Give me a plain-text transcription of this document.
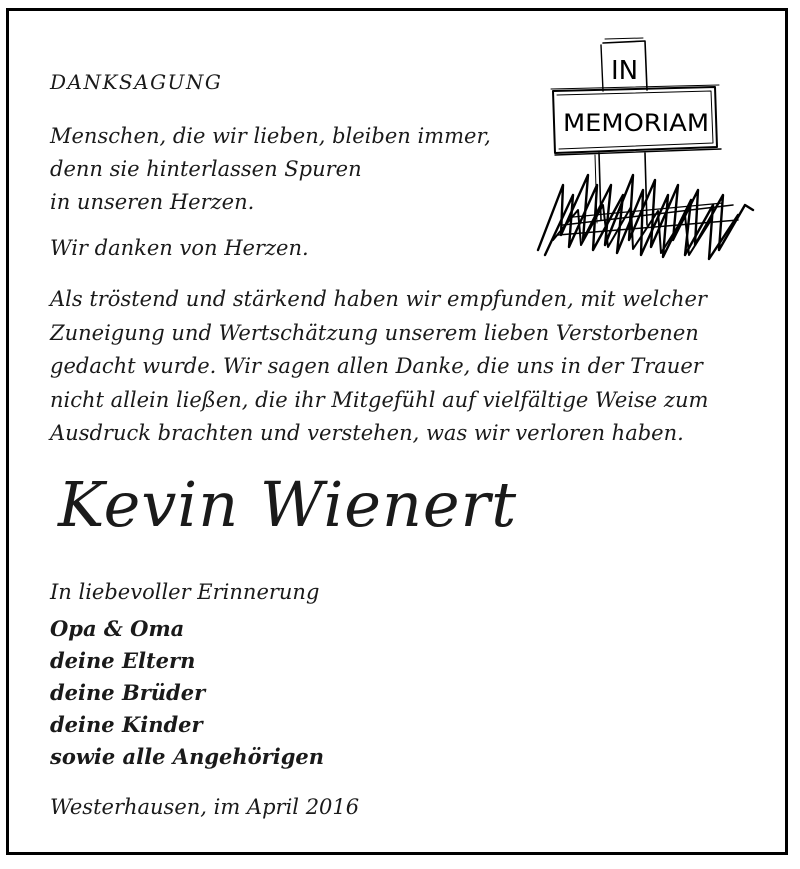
DANKSAGUNG
Menschen, die wir lieben, bleiben immer,
denn sie hinterlassen Spuren
in unseren Herzen.
Wir danken von Herzen.
Als tröstend und stärkend haben wir empfunden, mit welcher
Zuneigung und Wertschätzung unserem lieben Verstorbenen
gedacht wurde. Wir sagen allen Danke, die uns in der Trauer
nicht allein ließen, die ihr Mitgefühl auf vielfältige Weise zum
Ausdruck brachten und verstehen, was wir verloren haben.
Kevin Wienert
In liebevoller Erinnerung
Opa & Oma
deine Eltern
deine Brüder
deine Kinder
sowie alle Angehörigen
Westerhausen, im April 2016
IN
MEMORIAM
